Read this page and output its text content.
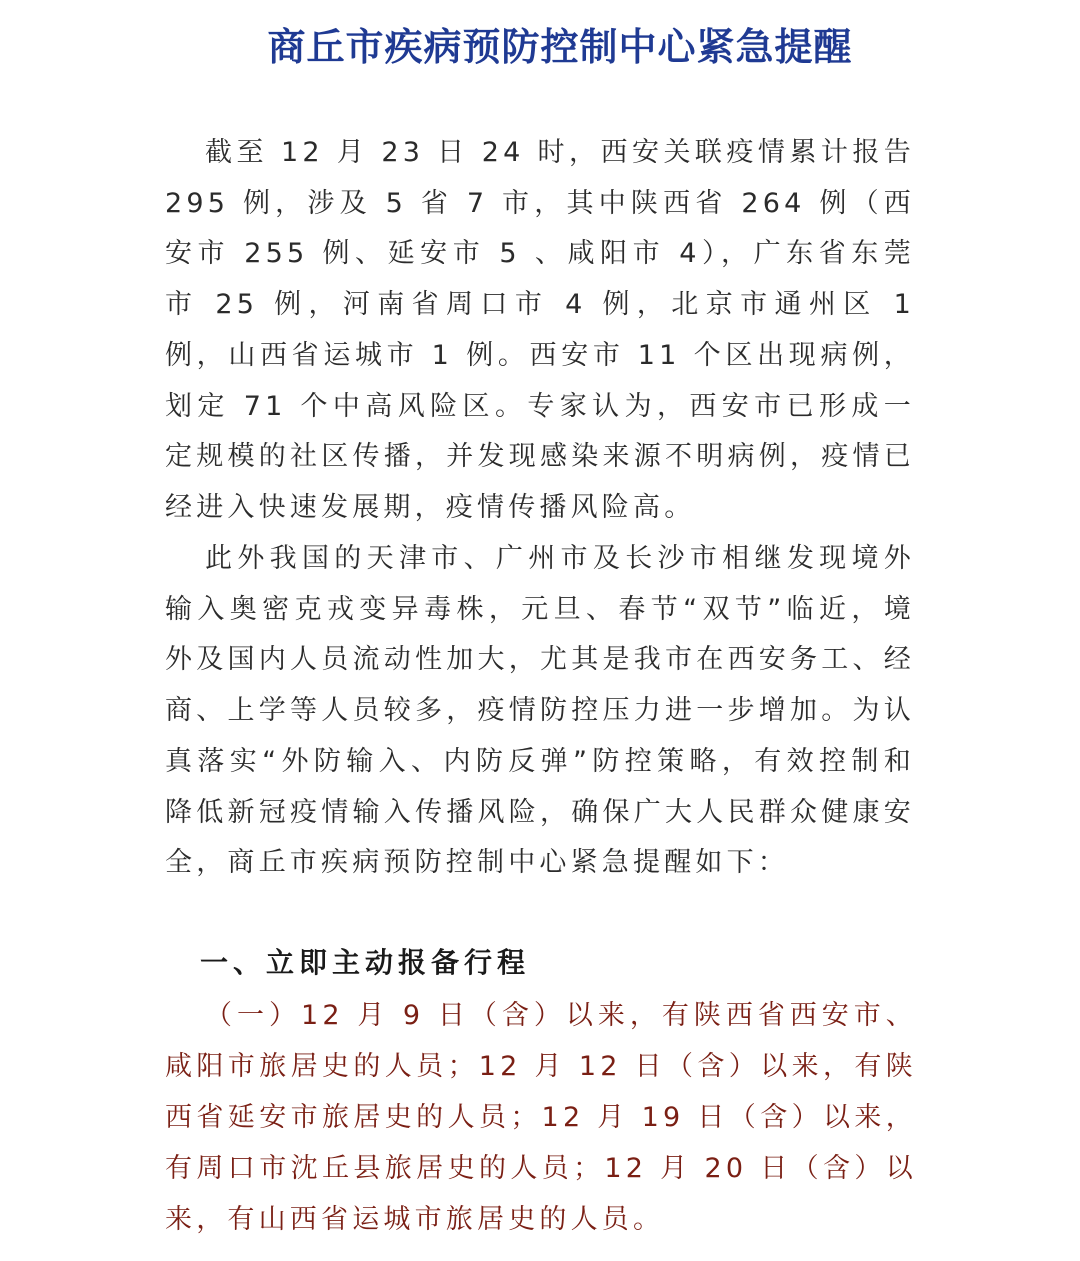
商丘市疾病预防控制中心紧急提醒
截至 12 月 23 日 24 时，西安关联疫情累计报告 295 例，涉及 5 省 7 市，其中陕西省 264 例（西安市 255 例、延安市 5 、咸阳市 4），广东省东莞市 25 例，河南省周口市 4 例，北京市通州区 1 例，山西省运城市 1 例。西安市 11 个区出现病例，划定 71 个中高风险区。专家认为，西安市已形成一定规模的社区传播，并发现感染来源不明病例，疫情已经进入快速发展期，疫情传播风险高。
此外我国的天津市、广州市及长沙市相继发现境外输入奥密克戎变异毒株，元旦、春节“双节”临近，境外及国内人员流动性加大，尤其是我市在西安务工、经商、上学等人员较多，疫情防控压力进一步增加。为认真落实“外防输入、内防反弹”防控策略，有效控制和降低新冠疫情输入传播风险，确保广大人民群众健康安全，商丘市疾病预防控制中心紧急提醒如下：
一、立即主动报备行程
（一）12 月 9 日（含）以来，有陕西省西安市、咸阳市旅居史的人员；12 月 12 日（含）以来，有陕西省延安市旅居史的人员；12 月 19 日（含）以来，有周口市沈丘县旅居史的人员；12 月 20 日（含）以来，有山西省运城市旅居史的人员。
